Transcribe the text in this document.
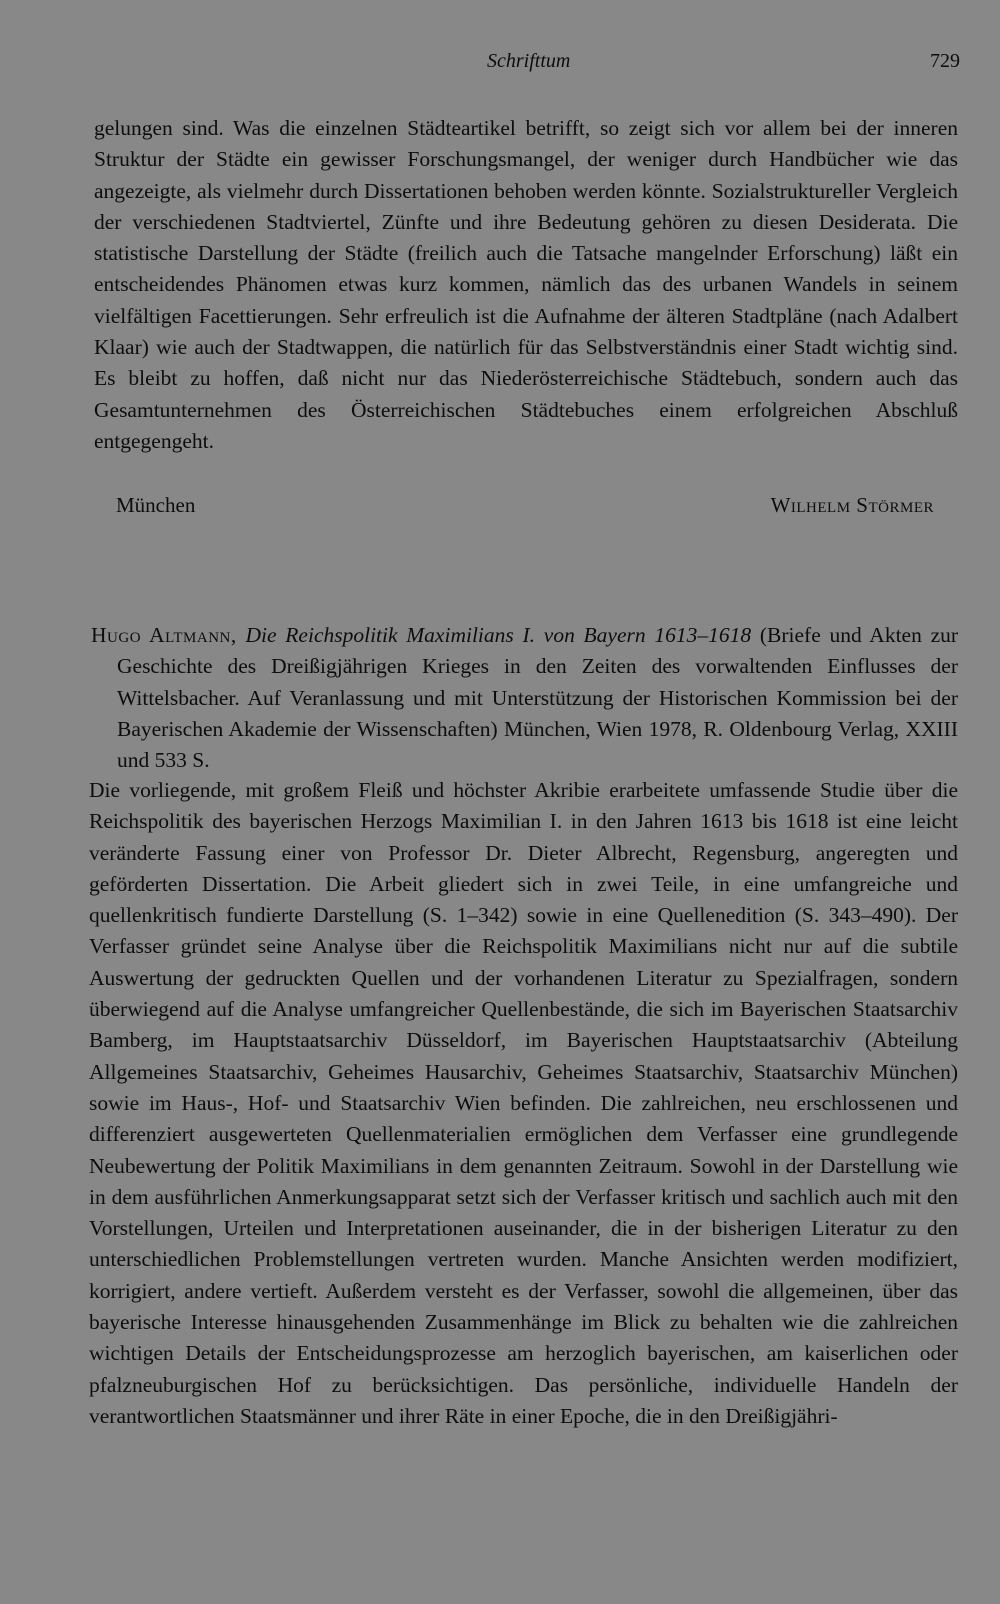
Schrifttum	729

gelungen sind. Was die einzelnen Städteartikel betrifft, so zeigt sich vor allem bei der inneren Struktur der Städte ein gewisser Forschungsmangel, der weniger durch Handbücher wie das angezeigte, als vielmehr durch Dissertationen behoben werden könnte. Sozialstruktureller Vergleich der verschiedenen Stadtviertel, Zünfte und ihre Bedeutung gehören zu diesen Desiderata. Die statistische Darstellung der Städte (freilich auch die Tatsache mangelnder Erforschung) läßt ein entscheidendes Phänomen etwas kurz kommen, nämlich das des urbanen Wandels in seinem vielfältigen Facettierungen. Sehr erfreulich ist die Aufnahme der älteren Stadtpläne (nach Adalbert Klaar) wie auch der Stadtwappen, die natürlich für das Selbstverständnis einer Stadt wichtig sind. Es bleibt zu hoffen, daß nicht nur das Niederösterreichische Städtebuch, sondern auch das Gesamtunternehmen des Österreichischen Städtebuches einem erfolgreichen Abschluß entgegengeht.

München	Wilhelm Störmer

Hugo Altmann, Die Reichspolitik Maximilians I. von Bayern 1613–1618 (Briefe und Akten zur Geschichte des Dreißigjährigen Krieges in den Zeiten des vorwaltenden Einflusses der Wittelsbacher. Auf Veranlassung und mit Unterstützung der Historischen Kommission bei der Bayerischen Akademie der Wissenschaften) München, Wien 1978, R. Oldenbourg Verlag, XXIII und 533 S.

Die vorliegende, mit großem Fleiß und höchster Akribie erarbeitete umfassende Studie über die Reichspolitik des bayerischen Herzogs Maximilian I. in den Jahren 1613 bis 1618 ist eine leicht veränderte Fassung einer von Professor Dr. Dieter Albrecht, Regensburg, angeregten und geförderten Dissertation. Die Arbeit gliedert sich in zwei Teile, in eine umfangreiche und quellenkritisch fundierte Darstellung (S. 1–342) sowie in eine Quellenedition (S. 343–490). Der Verfasser gründet seine Analyse über die Reichspolitik Maximilians nicht nur auf die subtile Auswertung der gedruckten Quellen und der vorhandenen Literatur zu Spezialfragen, sondern überwiegend auf die Analyse umfangreicher Quellenbestände, die sich im Bayerischen Staatsarchiv Bamberg, im Hauptstaatsarchiv Düsseldorf, im Bayerischen Hauptstaatsarchiv (Abteilung Allgemeines Staatsarchiv, Geheimes Hausarchiv, Geheimes Staatsarchiv, Staatsarchiv München) sowie im Haus-, Hof- und Staatsarchiv Wien befinden. Die zahlreichen, neu erschlossenen und differenziert ausgewerteten Quellenmaterialien ermöglichen dem Verfasser eine grundlegende Neubewertung der Politik Maximilians in dem genannten Zeitraum. Sowohl in der Darstellung wie in dem ausführlichen Anmerkungsapparat setzt sich der Verfasser kritisch und sachlich auch mit den Vorstellungen, Urteilen und Interpretationen auseinander, die in der bisherigen Literatur zu den unterschiedlichen Problemstellungen vertreten wurden. Manche Ansichten werden modifiziert, korrigiert, andere vertieft. Außerdem versteht es der Verfasser, sowohl die allgemeinen, über das bayerische Interesse hinausgehenden Zusammenhänge im Blick zu behalten wie die zahlreichen wichtigen Details der Entscheidungsprozesse am herzoglich bayerischen, am kaiserlichen oder pfalzneuburgischen Hof zu berücksichtigen. Das persönliche, individuelle Handeln der verantwortlichen Staatsmänner und ihrer Räte in einer Epoche, die in den Dreißigjähri-
